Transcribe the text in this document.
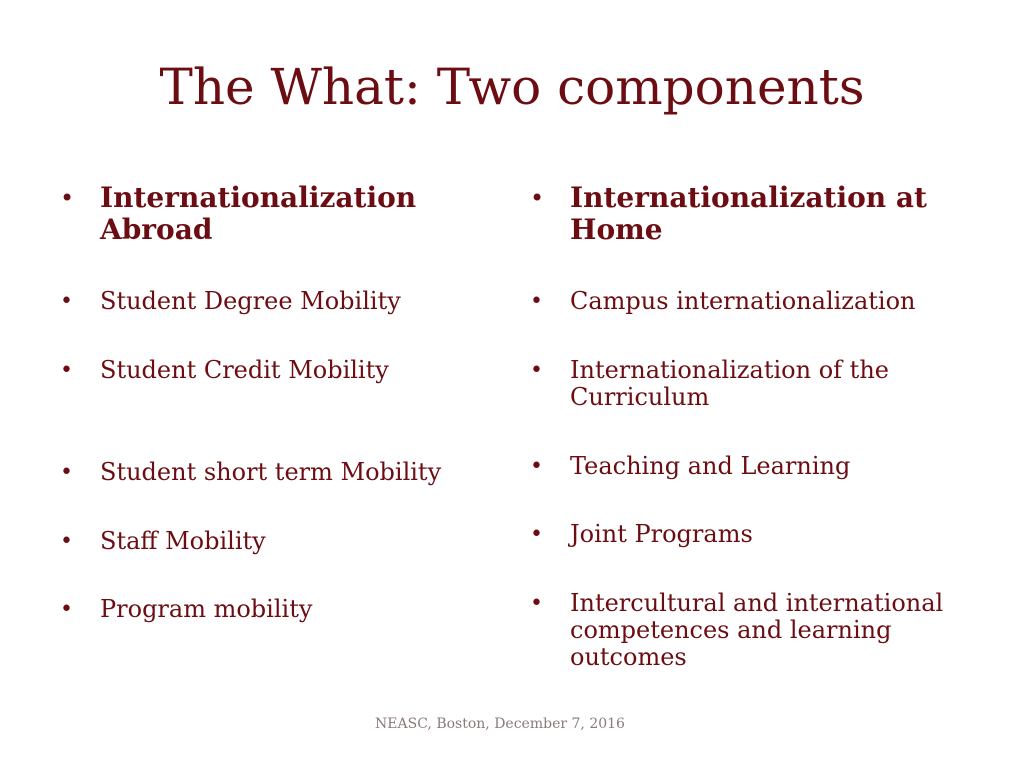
The What: Two components
• Internationalization Abroad
• Student Degree Mobility
• Student Credit Mobility
• Student short term Mobility
• Staff Mobility
• Program mobility
• Internationalization at Home
• Campus internationalization
• Internationalization of the Curriculum
• Teaching and Learning
• Joint Programs
• Intercultural and international competences and learning outcomes
NEASC, Boston, December 7, 2016
